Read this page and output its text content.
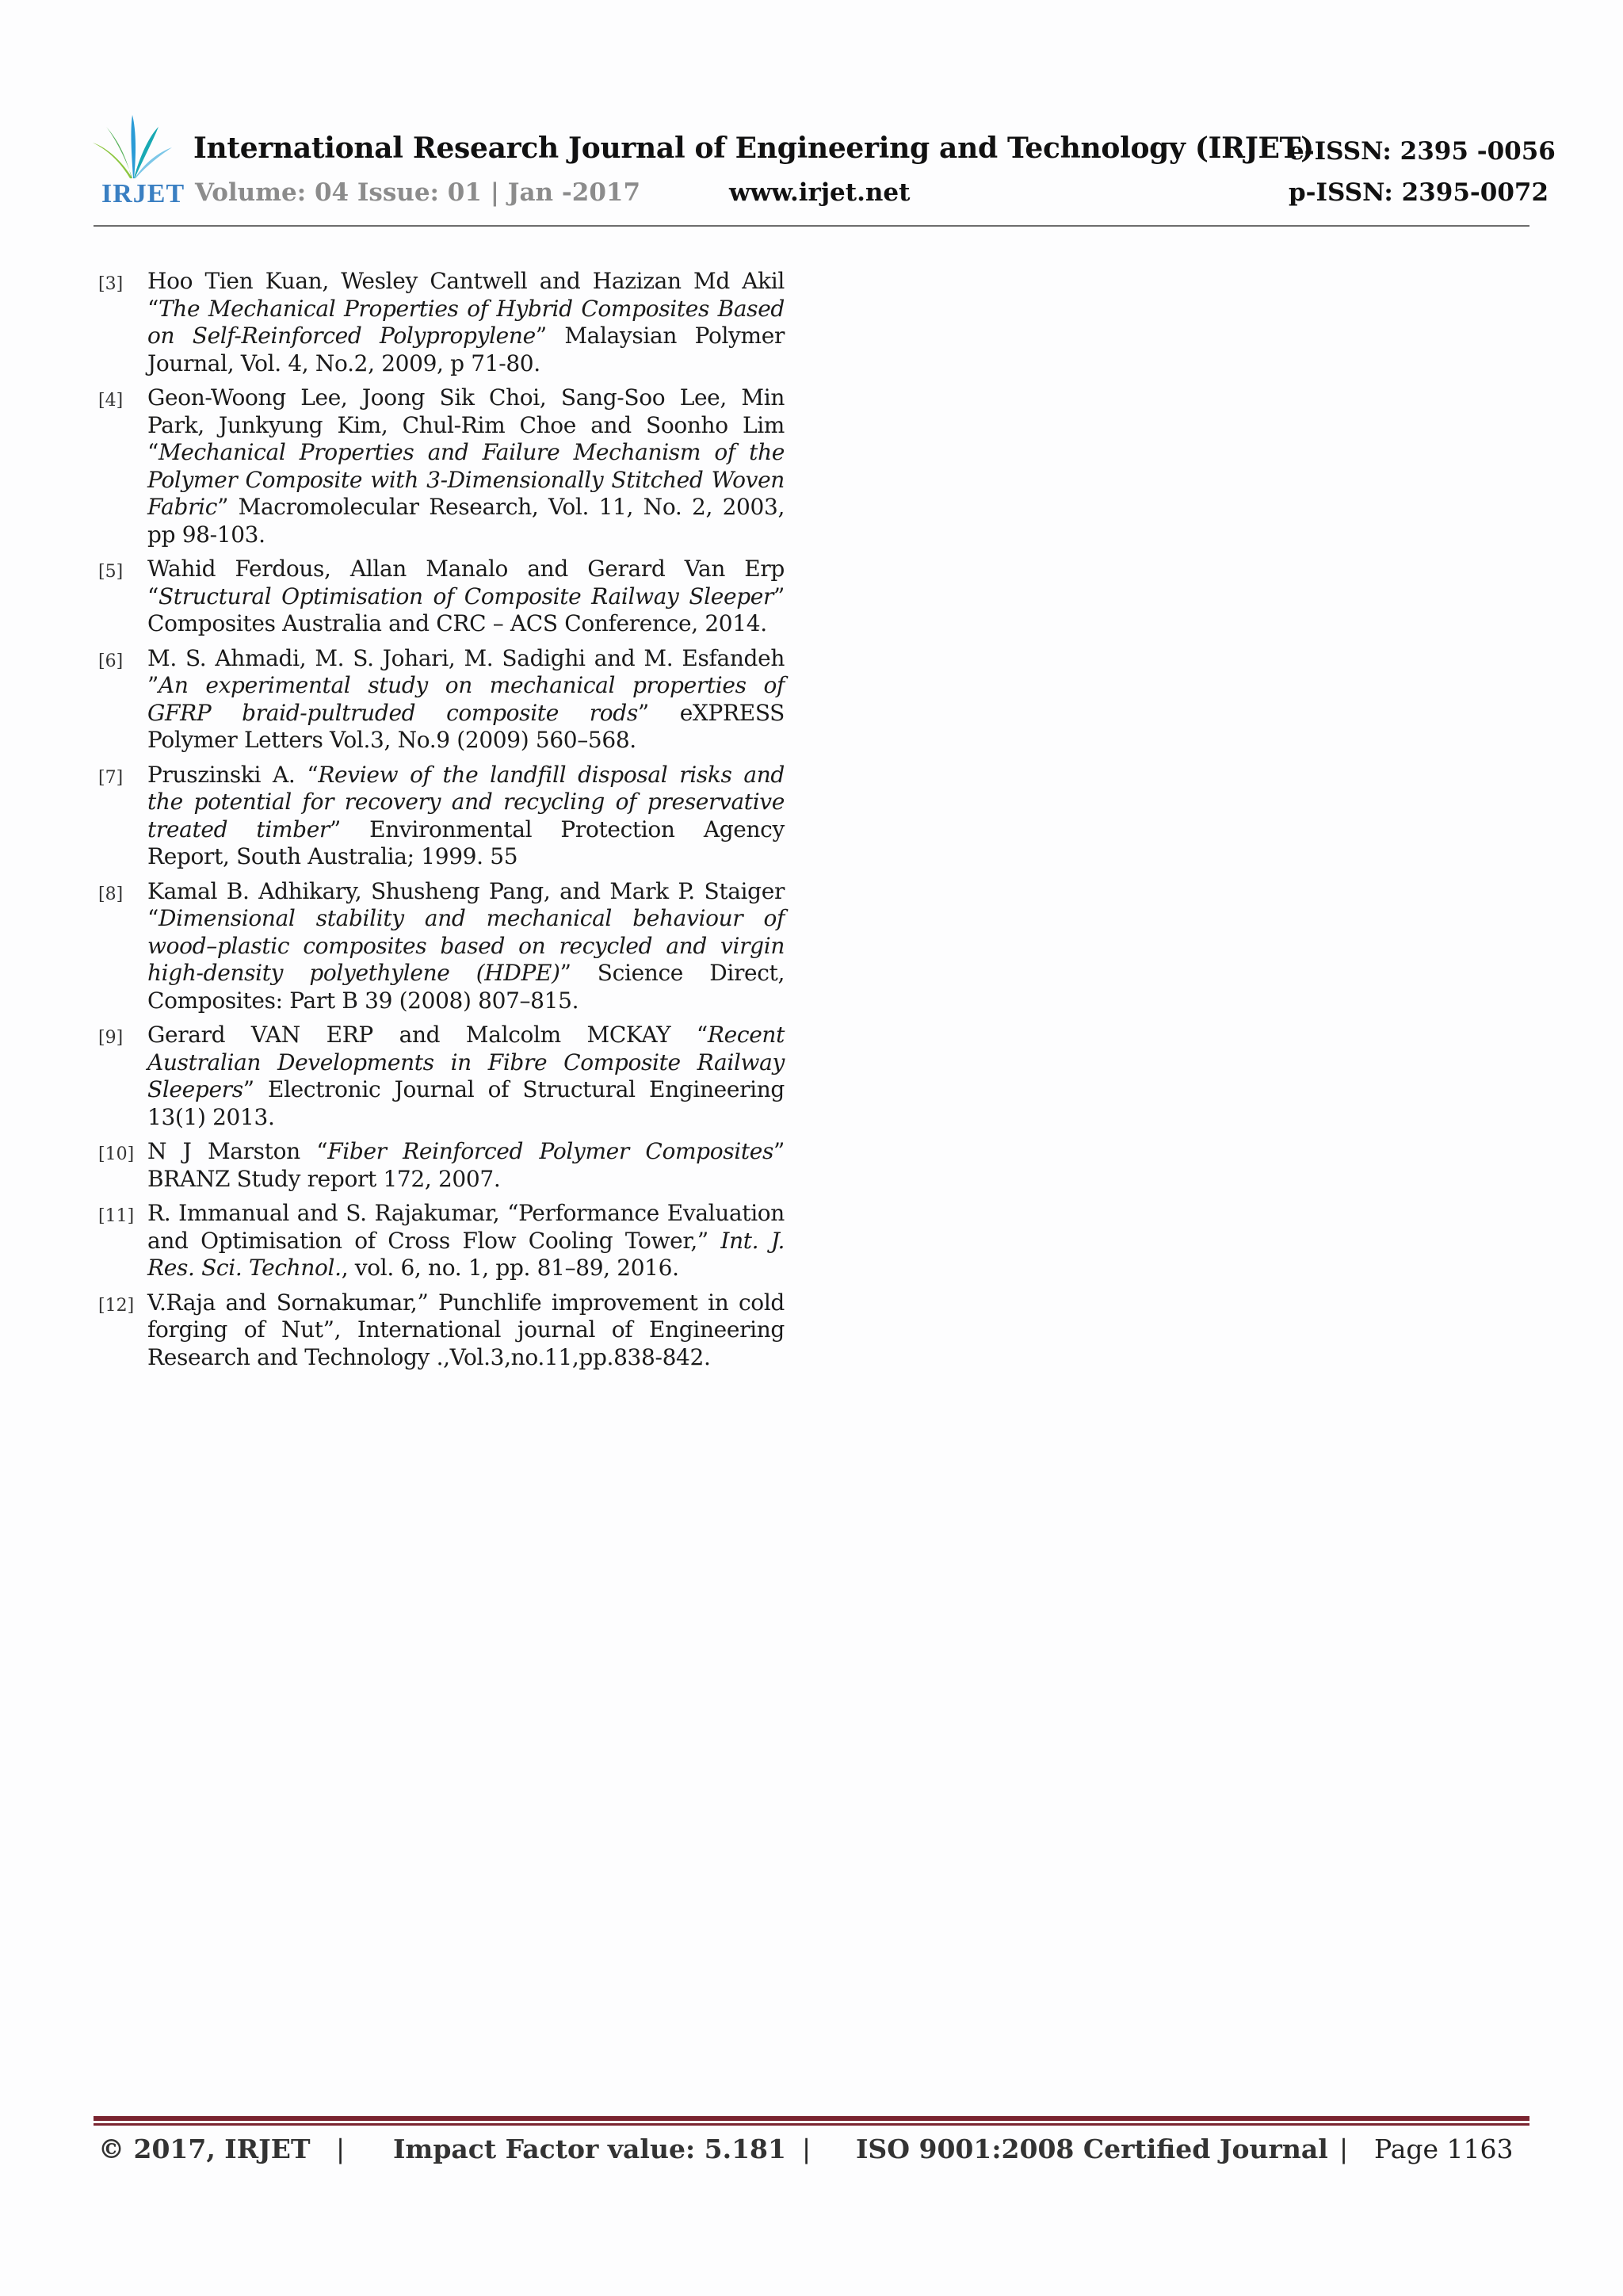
IRJET
International Research Journal of Engineering and Technology (IRJET)
e-ISSN: 2395 -0056
Volume: 04 Issue: 01 | Jan -2017	www.irjet.net	p-ISSN: 2395-0072
[3] Hoo Tien Kuan, Wesley Cantwell and Hazizan Md Akil “The Mechanical Properties of Hybrid Composites Based on Self-Reinforced Polypropylene” Malaysian Polymer Journal, Vol. 4, No.2, 2009, p 71-80.
[4] Geon-Woong Lee, Joong Sik Choi, Sang-Soo Lee, Min Park, Junkyung Kim, Chul-Rim Choe and Soonho Lim “Mechanical Properties and Failure Mechanism of the Polymer Composite with 3-Dimensionally Stitched Woven Fabric” Macromolecular Research, Vol. 11, No. 2, 2003, pp 98-103.
[5] Wahid Ferdous, Allan Manalo and Gerard Van Erp “Structural Optimisation of Composite Railway Sleeper” Composites Australia and CRC – ACS Conference, 2014.
[6] M. S. Ahmadi, M. S. Johari, M. Sadighi and M. Esfandeh ”An experimental study on mechanical properties of GFRP braid-pultruded composite rods” eXPRESS Polymer Letters Vol.3, No.9 (2009) 560–568.
[7] Pruszinski A. “Review of the landfill disposal risks and the potential for recovery and recycling of preservative treated timber” Environmental Protection Agency Report, South Australia; 1999. 55
[8] Kamal B. Adhikary, Shusheng Pang, and Mark P. Staiger “Dimensional stability and mechanical behaviour of wood–plastic composites based on recycled and virgin high-density polyethylene (HDPE)” Science Direct, Composites: Part B 39 (2008) 807–815.
[9] Gerard VAN ERP and Malcolm MCKAY “Recent Australian Developments in Fibre Composite Railway Sleepers” Electronic Journal of Structural Engineering 13(1) 2013.
[10] N J Marston “Fiber Reinforced Polymer Composites” BRANZ Study report 172, 2007.
[11] R. Immanual and S. Rajakumar, “Performance Evaluation and Optimisation of Cross Flow Cooling Tower,” Int. J. Res. Sci. Technol., vol. 6, no. 1, pp. 81–89, 2016.
[12] V.Raja and Sornakumar,” Punchlife improvement in cold forging of Nut”, International journal of Engineering Research and Technology .,Vol.3,no.11,pp.838-842.
© 2017, IRJET | Impact Factor value: 5.181 | ISO 9001:2008 Certified Journal | Page 1163
